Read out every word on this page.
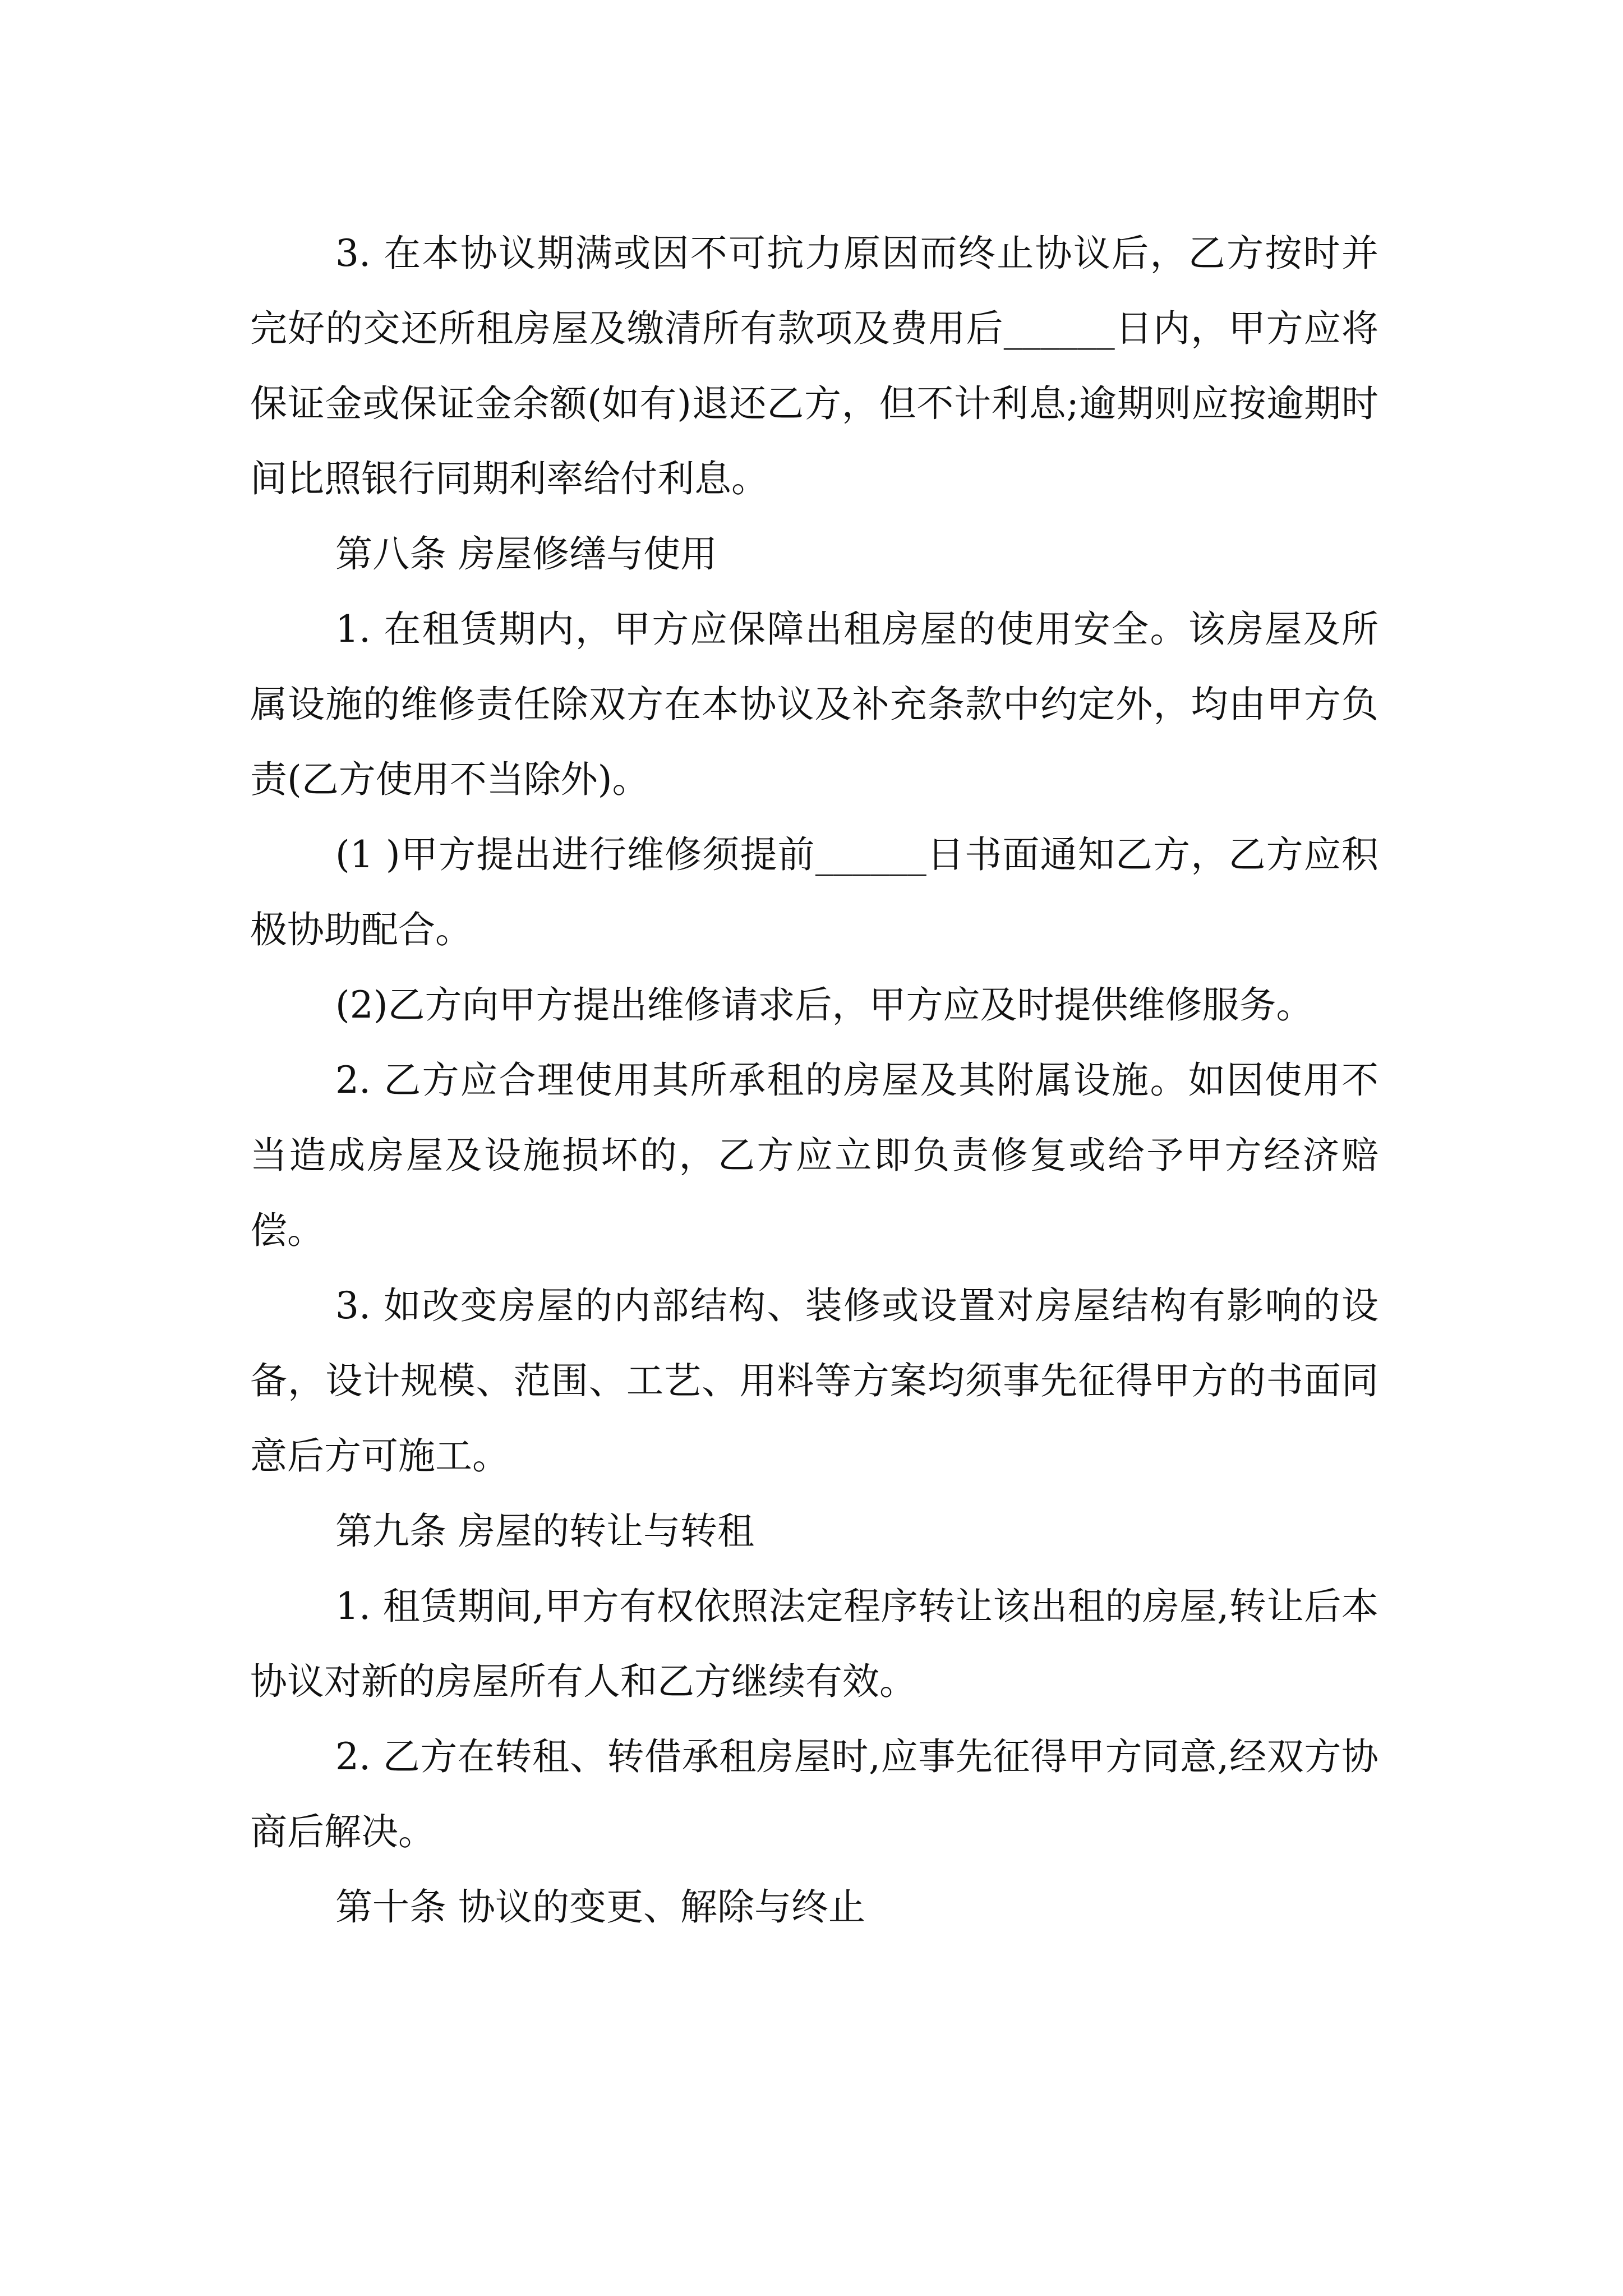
3. 在本协议期满或因不可抗力原因而终止协议后，乙方按时并完好的交还所租房屋及缴清所有款项及费用后______日内，甲方应将保证金或保证金余额(如有)退还乙方，但不计利息;逾期则应按逾期时间比照银行同期利率给付利息。

第八条 房屋修缮与使用

1. 在租赁期内，甲方应保障出租房屋的使用安全。该房屋及所属设施的维修责任除双方在本协议及补充条款中约定外，均由甲方负责(乙方使用不当除外)。

(1 )甲方提出进行维修须提前______日书面通知乙方，乙方应积极协助配合。

(2)乙方向甲方提出维修请求后，甲方应及时提供维修服务。

2. 乙方应合理使用其所承租的房屋及其附属设施。如因使用不当造成房屋及设施损坏的，乙方应立即负责修复或给予甲方经济赔偿。

3. 如改变房屋的内部结构、装修或设置对房屋结构有影响的设备，设计规模、范围、工艺、用料等方案均须事先征得甲方的书面同意后方可施工。

第九条 房屋的转让与转租

1. 租赁期间,甲方有权依照法定程序转让该出租的房屋,转让后本协议对新的房屋所有人和乙方继续有效。

2. 乙方在转租、转借承租房屋时,应事先征得甲方同意,经双方协商后解决。

第十条 协议的变更、解除与终止
